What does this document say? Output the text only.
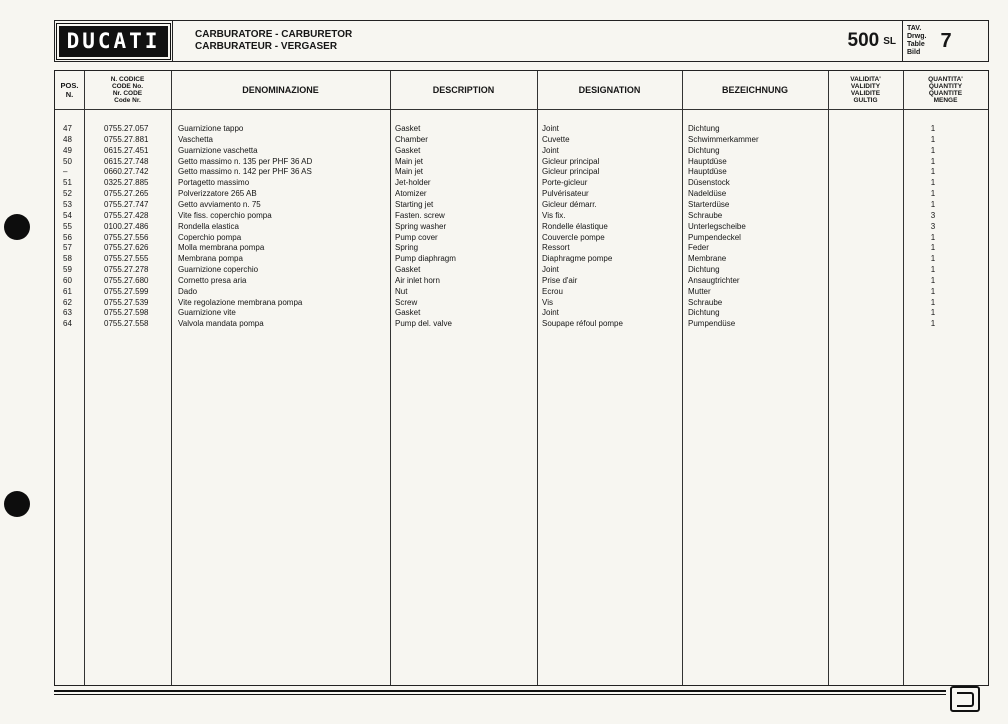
DUCATI	CARBURATORE - CARBURETOR
CARBURATEUR - VERGASER	500 SL
TAV.
Drwg.
Table
Bild
7
POS.
N.
N. CODICE
CODE No.
Nr. CODE
Code Nr.
DENOMINAZIONE	DESCRIPTION	DESIGNATION	BEZEICHNUNG
VALIDITA'
VALIDITY
VALIDITE
GULTIG
QUANTITA'
QUANTITY
QUANTITE
MENGE
47	0755.27.057	Guarnizione tappo	Gasket	Joint	Dichtung	1
48	0755.27.881	Vaschetta	Chamber	Cuvette	Schwimmerkammer	1
49	0615.27.451	Guarnizione vaschetta	Gasket	Joint	Dichtung	1
50	0615.27.748	Getto massimo n. 135 per PHF 36 AD	Main jet	Gicleur principal	Hauptdüse	1
–	0660.27.742	Getto massimo n. 142 per PHF 36 AS	Main jet	Gicleur principal	Hauptdüse	1
51	0325.27.885	Portagetto massimo	Jet-holder	Porte-gicleur	Düsenstock	1
52	0755.27.265	Polverizzatore 265 AB	Atomizer	Pulvérisateur	Nadeldüse	1
53	0755.27.747	Getto avviamento n. 75	Starting jet	Gicleur démarr.	Starterdüse	1
54	0755.27.428	Vite fiss. coperchio pompa	Fasten. screw	Vis fix.	Schraube	3
55	0100.27.486	Rondella elastica	Spring washer	Rondelle élastique	Unterlegscheibe	3
56	0755.27.556	Coperchio pompa	Pump cover	Couvercle pompe	Pumpendeckel	1
57	0755.27.626	Molla membrana pompa	Spring	Ressort	Feder	1
58	0755.27.555	Membrana pompa	Pump diaphragm	Diaphragme pompe	Membrane	1
59	0755.27.278	Guarnizione coperchio	Gasket	Joint	Dichtung	1
60	0755.27.680	Cornetto presa aria	Air inlet horn	Prise d'air	Ansaugtrichter	1
61	0755.27.599	Dado	Nut	Ecrou	Mutter	1
62	0755.27.539	Vite regolazione membrana pompa	Screw	Vis	Schraube	1
63	0755.27.598	Guarnizione vite	Gasket	Joint	Dichtung	1
64	0755.27.558	Valvola mandata pompa	Pump del. valve	Soupape réfoul pompe	Pumpendüse	1
